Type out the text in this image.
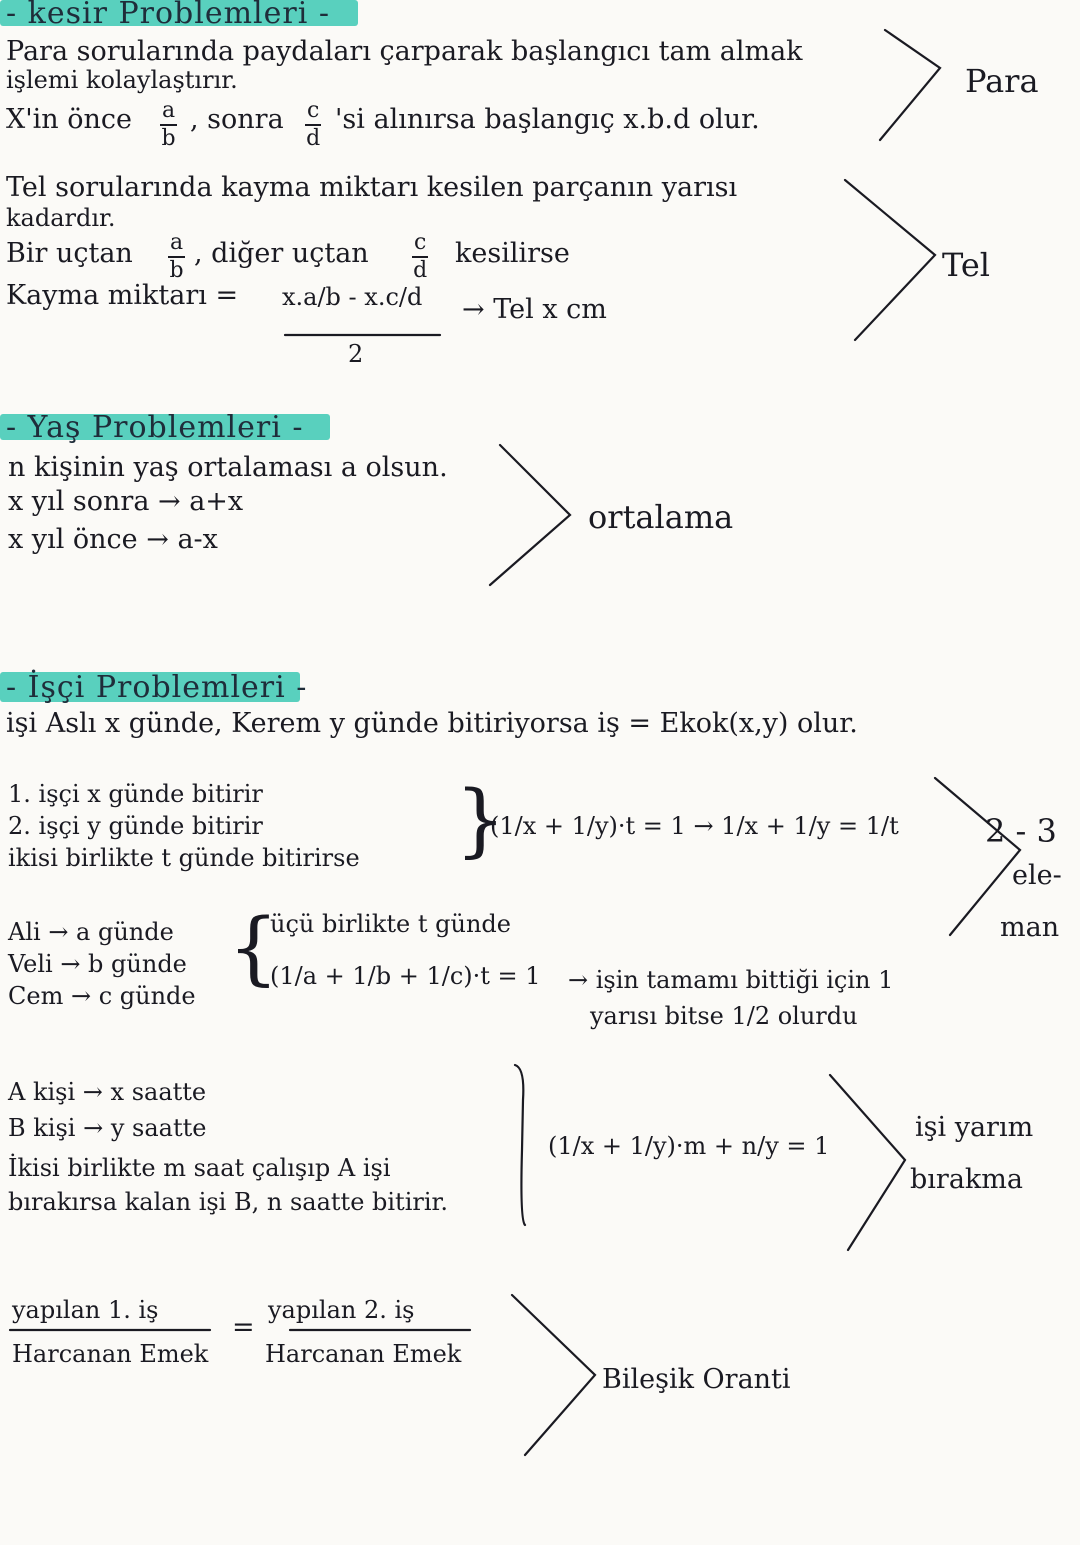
- kesir Problemleri -
Para sorularında paydaları çarparak başlangıcı tam almak
işlemi kolaylaştırır.
X'in önce $\frac{a}{b}$ , sonra $\frac{c}{d}$ 'si alınırsa başlangıç x.b.d olur.
Para
Tel sorularında kayma miktarı kesilen parçanın yarısı
kadardır.
Bir uçtan $\frac{a}{b}$ , diğer uçtan $\frac{c}{d}$ kesilirse
Kayma miktarı = x.a/b - x.c/d
2
→ Tel x cm
Tel
- Yaş Problemleri -
n kişinin yaş ortalaması a olsun.
x yıl sonra → a+x
x yıl önce → a-x
ortalama
- İşçi Problemleri -
işi Aslı x günde, Kerem y günde bitiriyorsa iş = Ekok(x,y) olur.
1. işçi x günde bitirir
2. işçi y günde bitirir
ikisi birlikte t günde bitirirse }
(1/x + 1/y)·t = 1 → 1/x + 1/y = 1/t	2 - 3
ele-
man
Ali → a günde
Veli → b günde
Cem → c günde
{
üçü birlikte t günde
(1/a + 1/b + 1/c)·t = 1 → işin tamamı bittiği için 1
yarısı bitse 1/2 olurdu
A kişi → x saatte
B kişi → y saatte
İkisi birlikte m saat çalışıp A işi
bırakırsa kalan işi B, n saatte bitirir.
(1/x + 1/y)·m + n/y = 1
işi yarım
bırakma
yapılan 1. iş
Harcanan Emek
=
yapılan 2. iş
Harcanan Emek
Bileşik Oranti
